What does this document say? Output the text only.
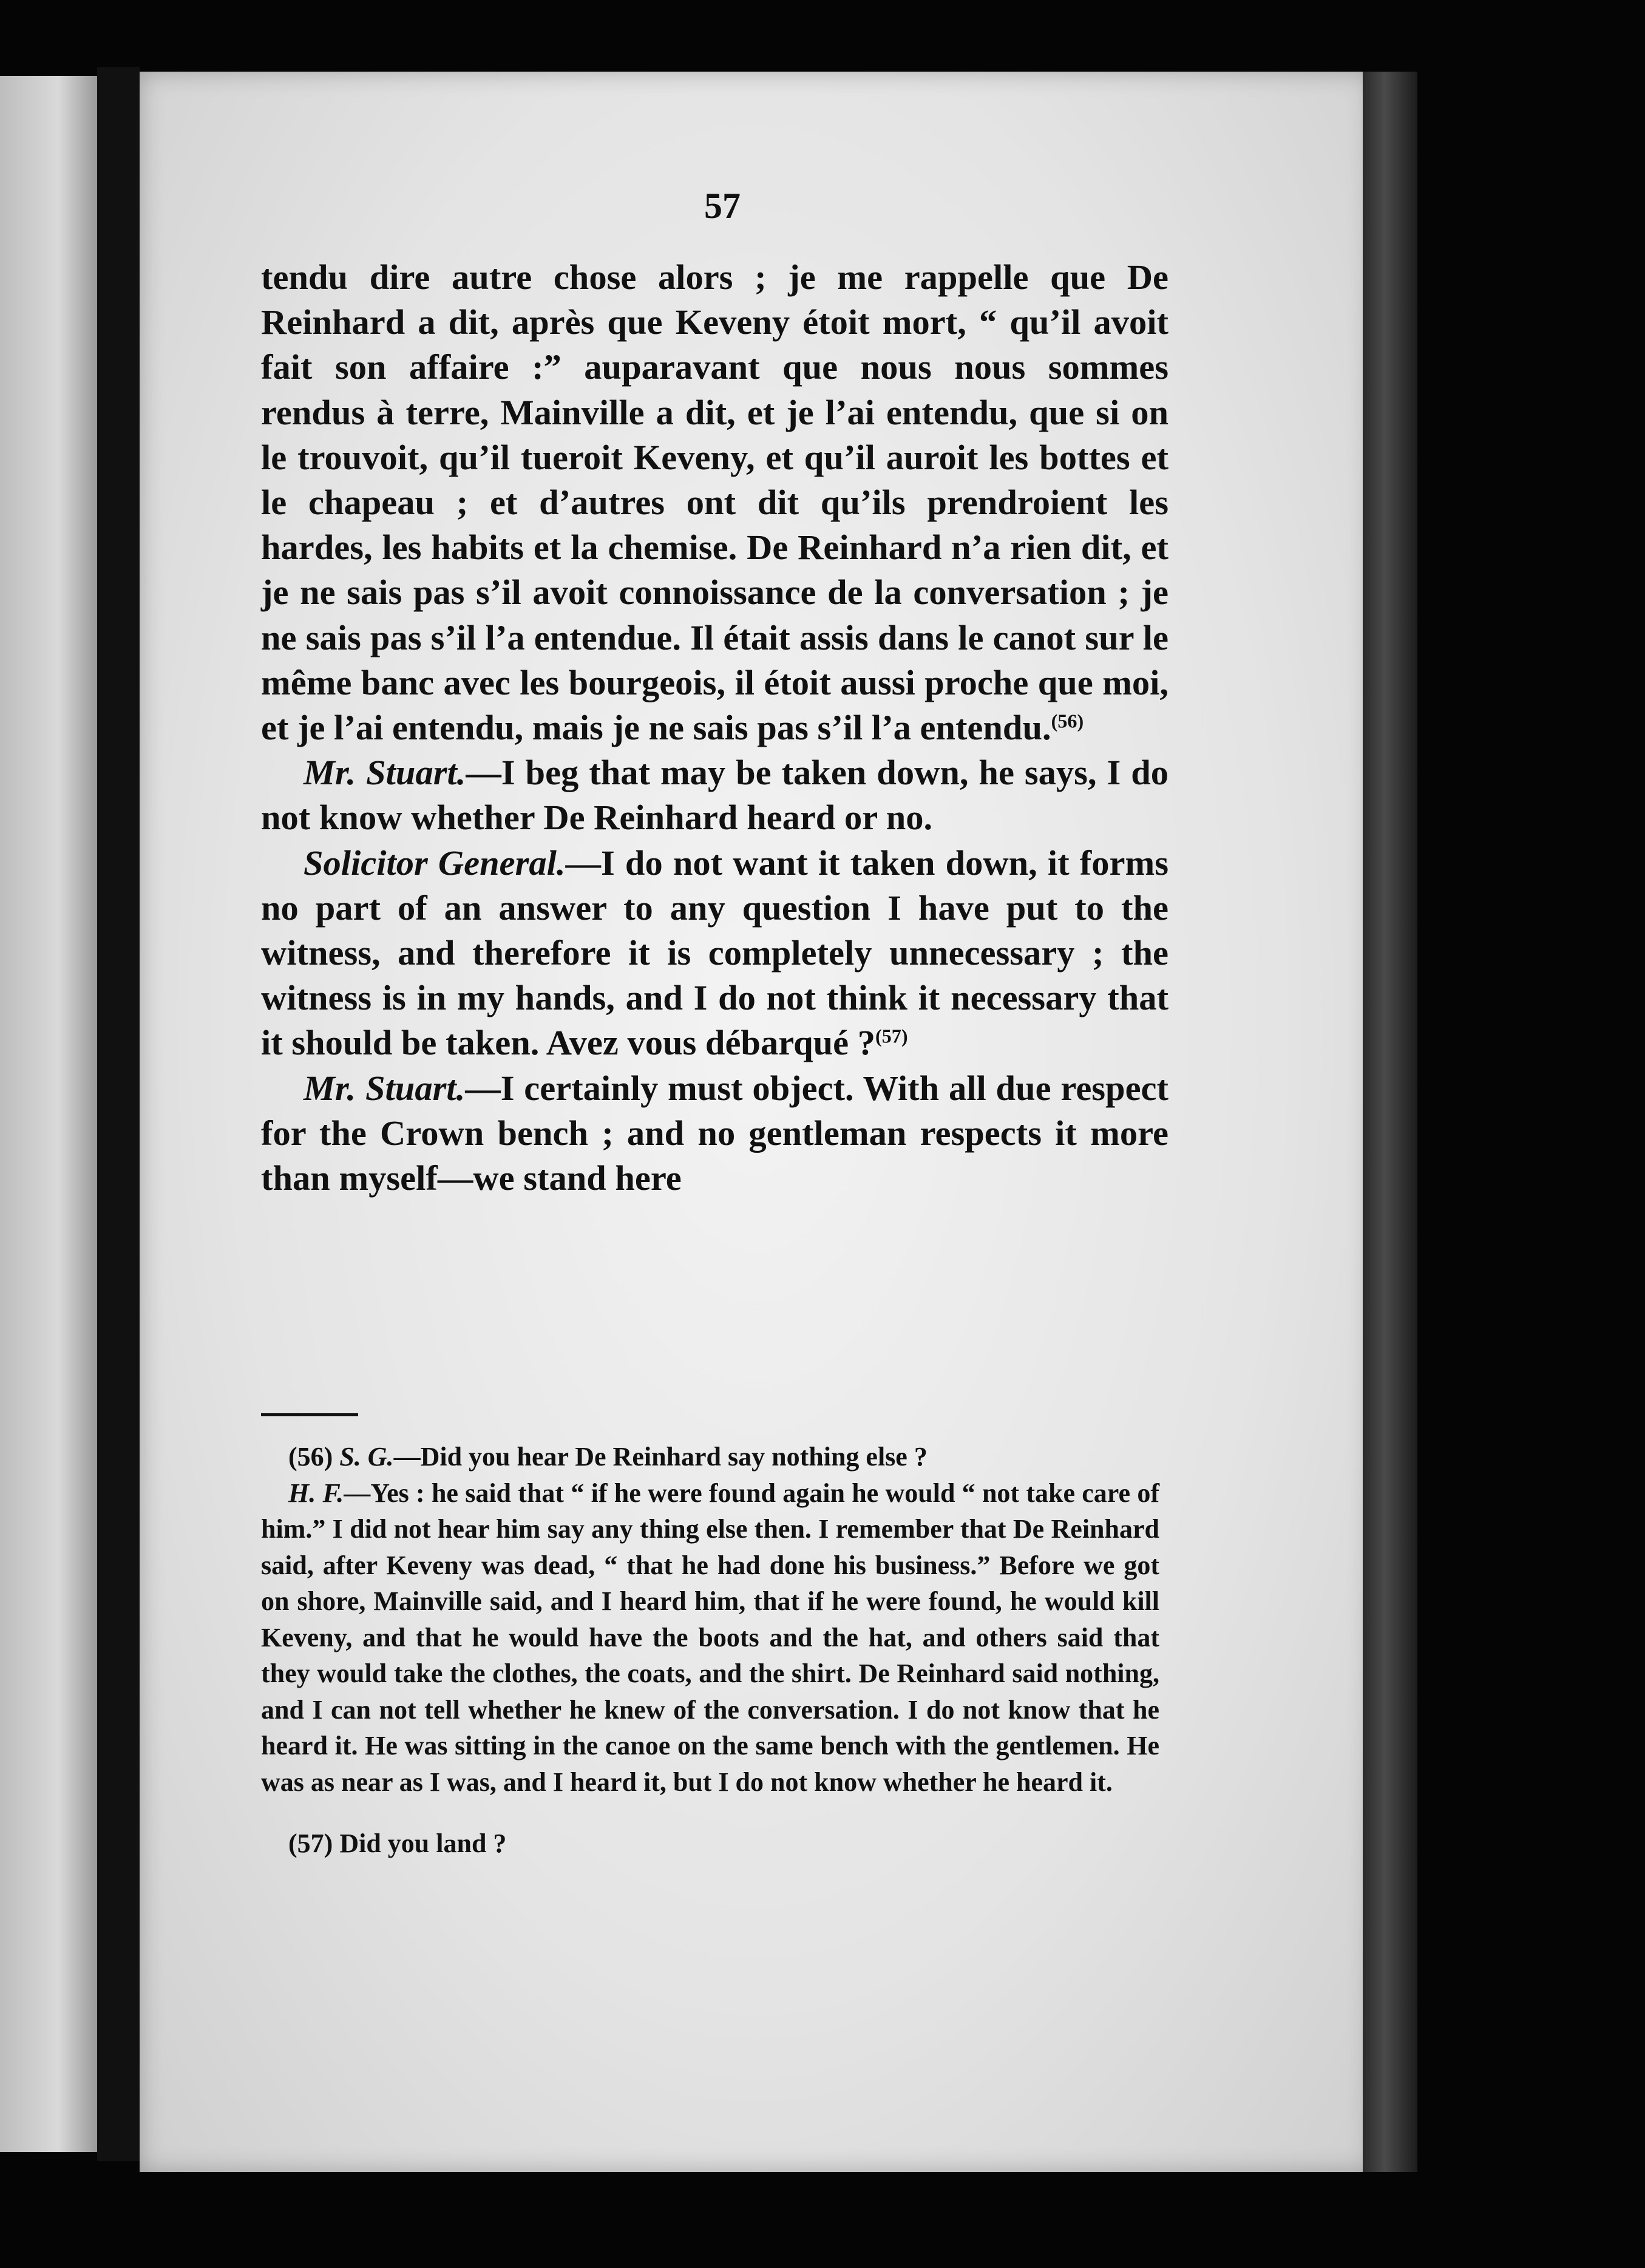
57

tendu dire autre chose alors ; je me rappelle que De Reinhard a dit, après que Keveny étoit mort, “ qu’il avoit fait son affaire :” auparavant que nous nous sommes rendus à terre, Mainville a dit, et je l’ai entendu, que si on le trouvoit, qu’il tueroit Keveny, et qu’il auroit les bottes et le chapeau ; et d’autres ont dit qu’ils prendroient les hardes, les habits et la chemise. De Reinhard n’a rien dit, et je ne sais pas s’il avoit connoissance de la conversation ; je ne sais pas s’il l’a entendue. Il était assis dans le canot sur le même banc avec les bourgeois, il étoit aussi proche que moi, et je l’ai entendu, mais je ne sais pas s’il l’a entendu.$^{(56)}$

Mr. Stuart.—I beg that may be taken down, he says, I do not know whether De Reinhard heard or no.

Solicitor General.—I do not want it taken down, it forms no part of an answer to any question I have put to the witness, and therefore it is completely unnecessary ; the witness is in my hands, and I do not think it necessary that it should be taken. Avez vous débarqué ?$^{(57)}$

Mr. Stuart.—I certainly must object. With all due respect for the Crown bench ; and no gentleman respects it more than myself—we stand here

(56) S. G.—Did you hear De Reinhard say nothing else ?

H. F.—Yes : he said that “ if he were found again he would “ not take care of him.” I did not hear him say any thing else then. I remember that De Reinhard said, after Keveny was dead, “ that he had done his business.” Before we got on shore, Mainville said, and I heard him, that if he were found, he would kill Keveny, and that he would have the boots and the hat, and others said that they would take the clothes, the coats, and the shirt. De Reinhard said nothing, and I can not tell whether he knew of the conversation. I do not know that he heard it. He was sitting in the canoe on the same bench with the gentlemen. He was as near as I was, and I heard it, but I do not know whether he heard it.

(57) Did you land ?
